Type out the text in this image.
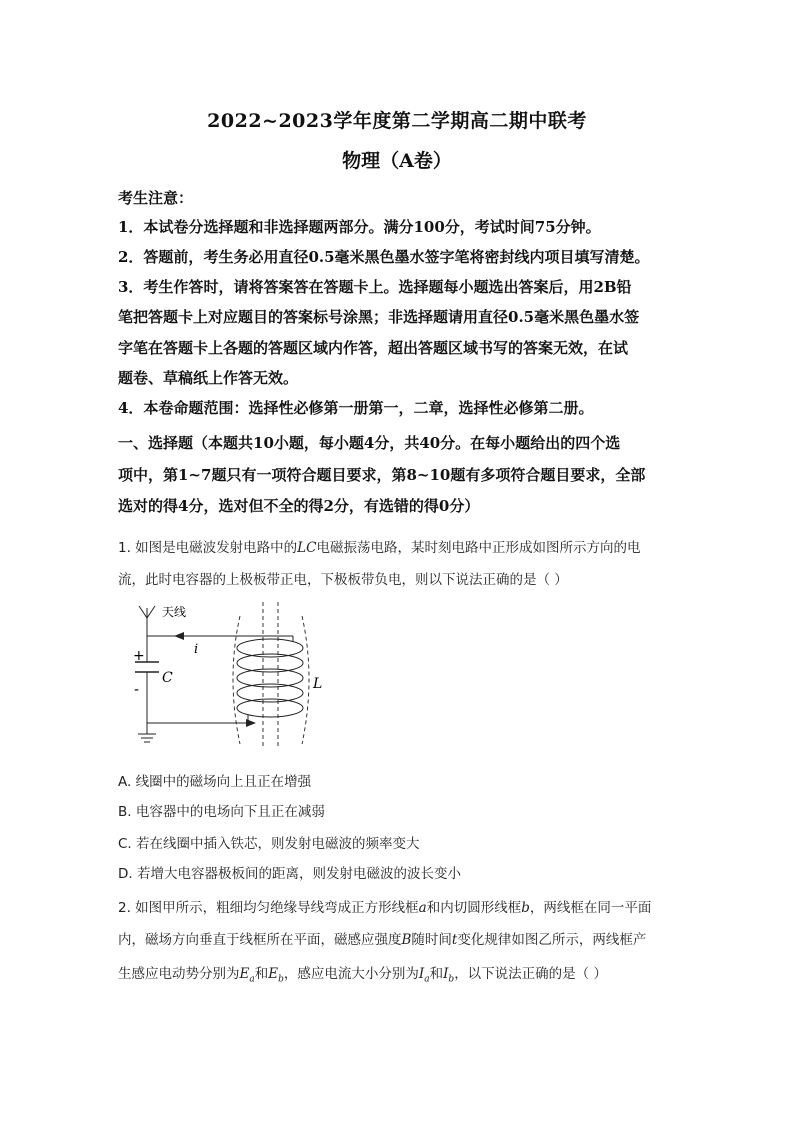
2022~2023学年度第二学期高二期中联考
物理（A卷）
考生注意：
1．本试卷分选择题和非选择题两部分。满分100分，考试时间75分钟。
2．答题前，考生务必用直径0.5毫米黑色墨水签字笔将密封线内项目填写清楚。
3．考生作答时，请将答案答在答题卡上。选择题每小题选出答案后，用2B铅
笔把答题卡上对应题目的答案标号涂黑；非选择题请用直径0.5毫米黑色墨水签
字笔在答题卡上各题的答题区域内作答，超出答题区域书写的答案无效，在试
题卷、草稿纸上作答无效。
4．本卷命题范围：选择性必修第一册第一，二章，选择性必修第二册。
一、选择题（本题共10小题，每小题4分，共40分。在每小题给出的四个选
项中，第1~7题只有一项符合题目要求，第8~10题有多项符合题目要求，全部
选对的得4分，选对但不全的得2分，有选错的得0分）
1. 如图是电磁波发射电路中的LC电磁振荡电路，某时刻电路中正形成如图所示方向的电
流，此时电容器的上极板带正电，下极板带负电，则以下说法正确的是（ ）
天线
i
+
-
C	L
A. 线圈中的磁场向上且正在增强
B. 电容器中的电场向下且正在减弱
C. 若在线圈中插入铁芯，则发射电磁波的频率变大
D. 若增大电容器极板间的距离，则发射电磁波的波长变小
2. 如图甲所示，粗细均匀绝缘导线弯成正方形线框a和内切圆形线框b，两线框在同一平面
内，磁场方向垂直于线框所在平面，磁感应强度B随时间t变化规律如图乙所示，两线框产
生感应电动势分别为$E_a$和$E_b$，感应电流大小分别为$I_a$和$I_b$，以下说法正确的是（ ）
